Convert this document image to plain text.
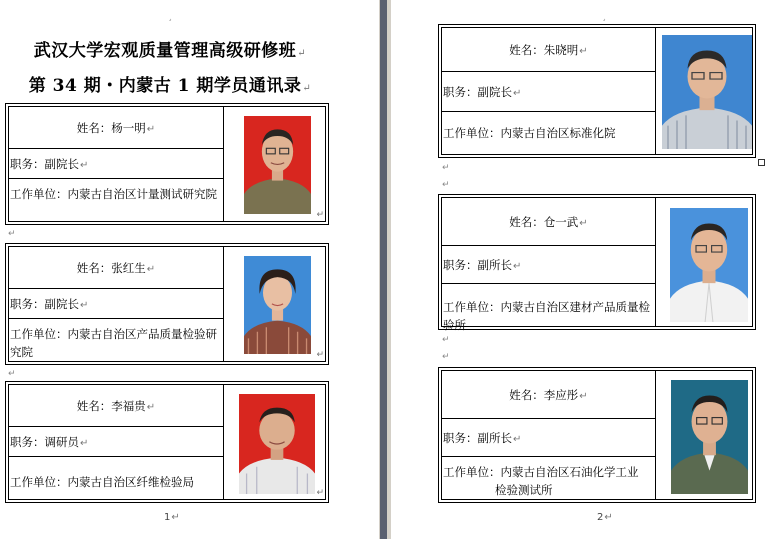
¸
武汉大学宏观质量管理高级研修班↵
第 34 期・内蒙古 1 期学员通讯录↵
姓名：杨一明↵
职务：副院长↵
工作单位：内蒙古自治区计量测试研究院

↵
↵
姓名：张红生↵
职务：副院长↵
工作单位：内蒙古自治区产品质量检验研究院	↵
↵
姓名：李福贵↵
职务：调研员↵
工作单位：内蒙古自治区纤维检验局

↵
1↵
¸
姓名：朱晓明↵
职务：副院长↵
工作单位：内蒙古自治区标准化院

↵
↵
姓名：仓一武↵
职务：副所长↵
工作单位：内蒙古自治区建材产品质量检验所

↵
↵
姓名：李应彤↵
职务：副所长↵
工作单位：内蒙古自治区石油化学工业
检验测试所
2↵
